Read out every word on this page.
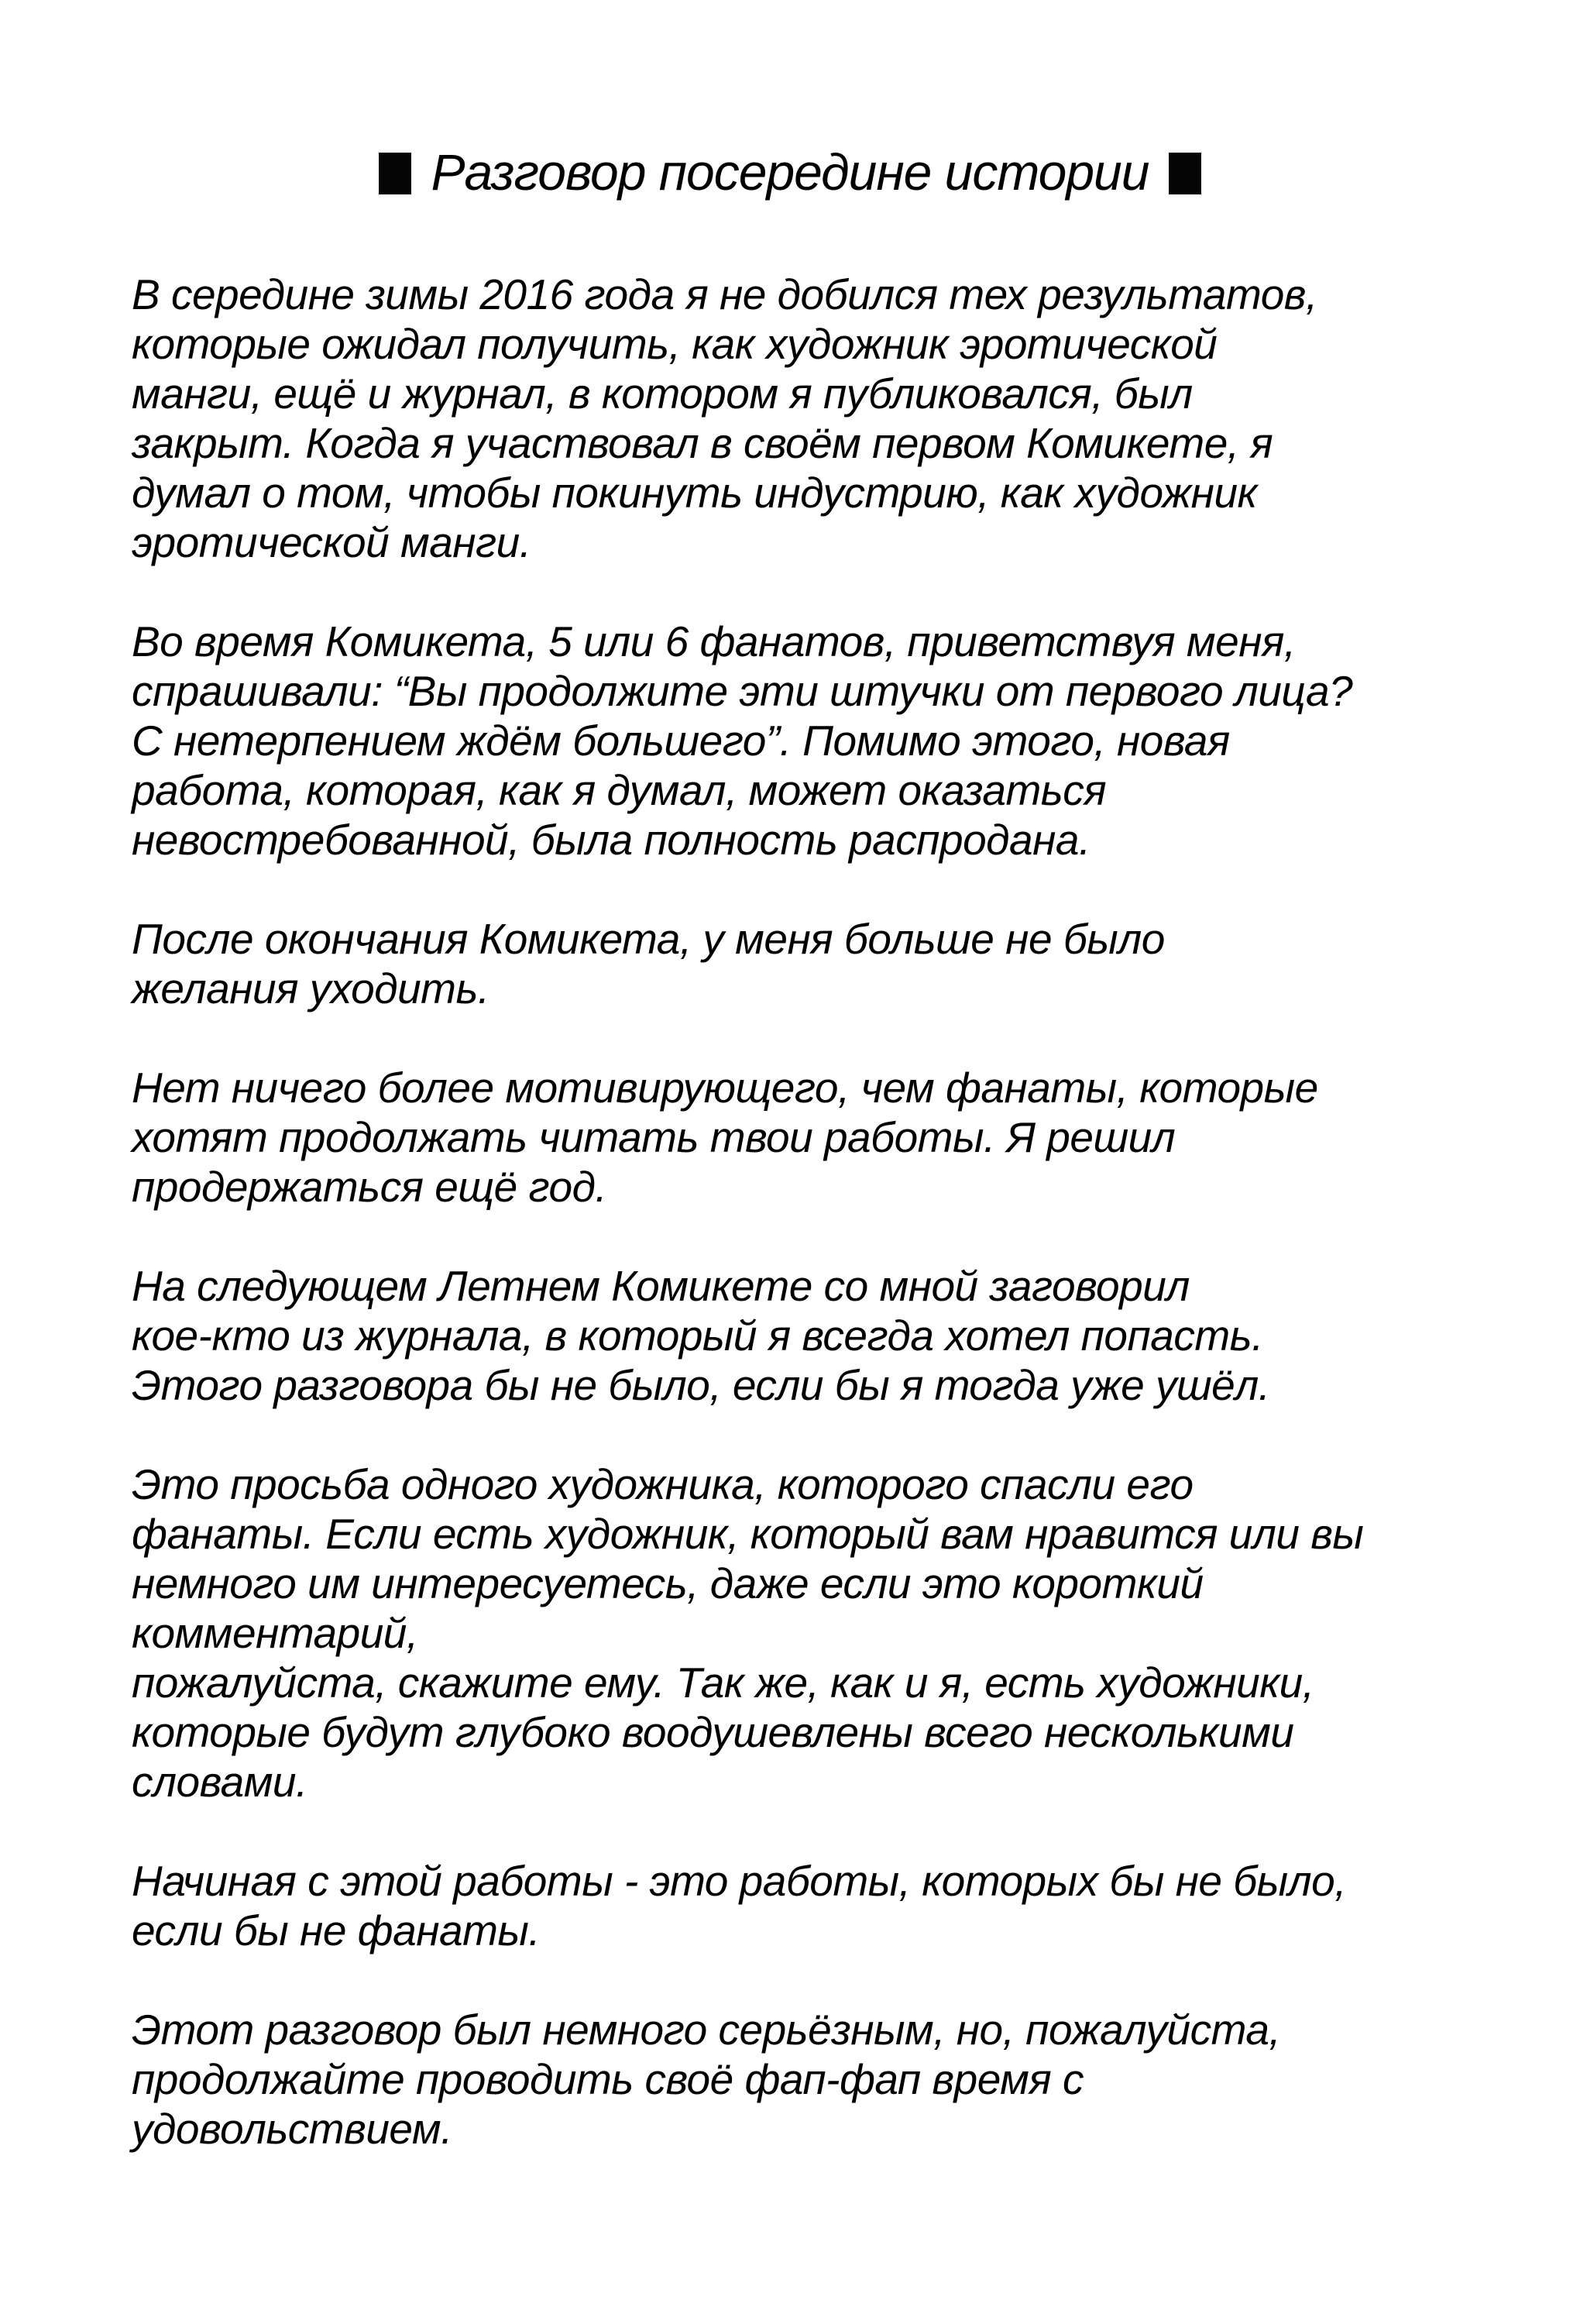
Разговор посередине истории
В середине зимы 2016 года я не добился тех результатов,
которые ожидал получить, как художник эротической
манги, ещё и журнал, в котором я публиковался, был
закрыт. Когда я участвовал в своём первом Комикете, я
думал о том, чтобы покинуть индустрию, как художник
эротической манги.
Во время Комикета, 5 или 6 фанатов, приветствуя меня,
спрашивали: “Вы продолжите эти штучки от первого лица?
С нетерпением ждём большего”. Помимо этого, новая
работа, которая, как я думал, может оказаться
невостребованной, была полность распродана.
После окончания Комикета, у меня больше не было
желания уходить.
Нет ничего более мотивирующего, чем фанаты, которые
хотят продолжать читать твои работы. Я решил
продержаться ещё год.
На следующем Летнем Комикете со мной заговорил
кое-кто из журнала, в который я всегда хотел попасть.
Этого разговора бы не было, если бы я тогда уже ушёл.
Это просьба одного художника, которого спасли его
фанаты. Если есть художник, который вам нравится или вы
немного им интересуетесь, даже если это короткий
комментарий,
пожалуйста, скажите ему. Так же, как и я, есть художники,
которые будут глубоко воодушевлены всего несколькими
словами.
Начиная с этой работы - это работы, которых бы не было,
если бы не фанаты.
Этот разговор был немного серьёзным, но, пожалуйста,
продолжайте проводить своё фап-фап время с
удовольствием.
